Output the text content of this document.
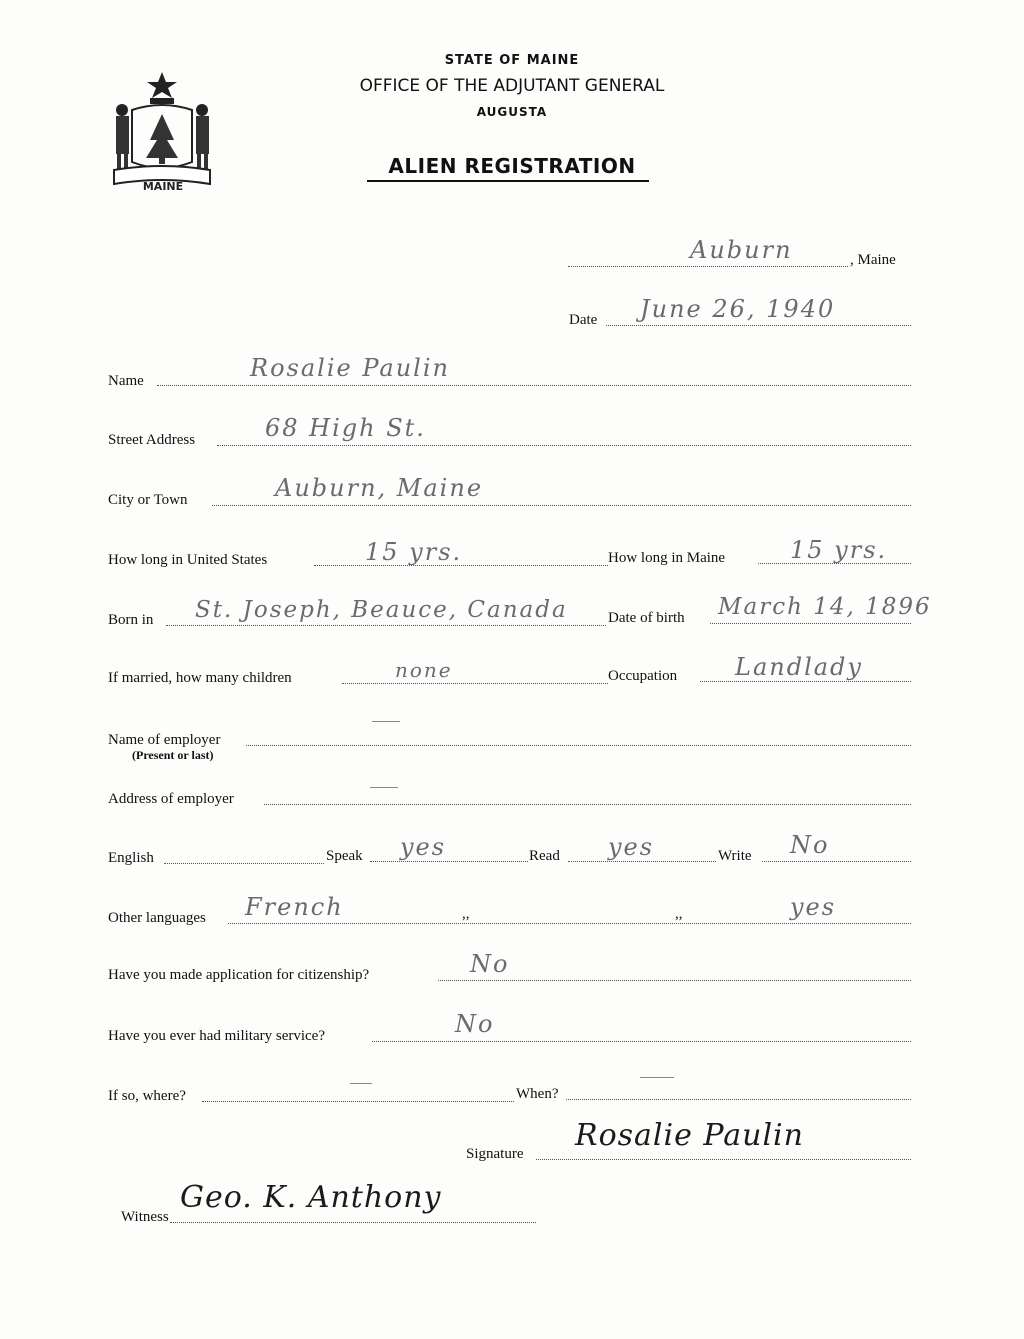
MAINE
STATE OF MAINE
OFFICE OF THE ADJUTANT GENERAL
AUGUSTA
ALIEN REGISTRATION
Auburn	, Maine
Date June 26, 1940
Name	Rosalie Paulin
Street Address	68 High St.
City or Town	Auburn, Maine
How long in United States	15 yrs.	How long in Maine	15 yrs.
Born in St. Joseph, Beauce, Canada	Date of birth March 14, 1896
If married, how many children	none	Occupation Landlady
Name of employer
(Present or last)
Address of employer
English	Speak yes	Read yes	Write No
Other languages French	,,	,,	yes
Have you made application for citizenship?	No
Have you ever had military service?	No
If so, where?	When?
Signature
Rosalie Paulin
Witness
Geo. K. Anthony
